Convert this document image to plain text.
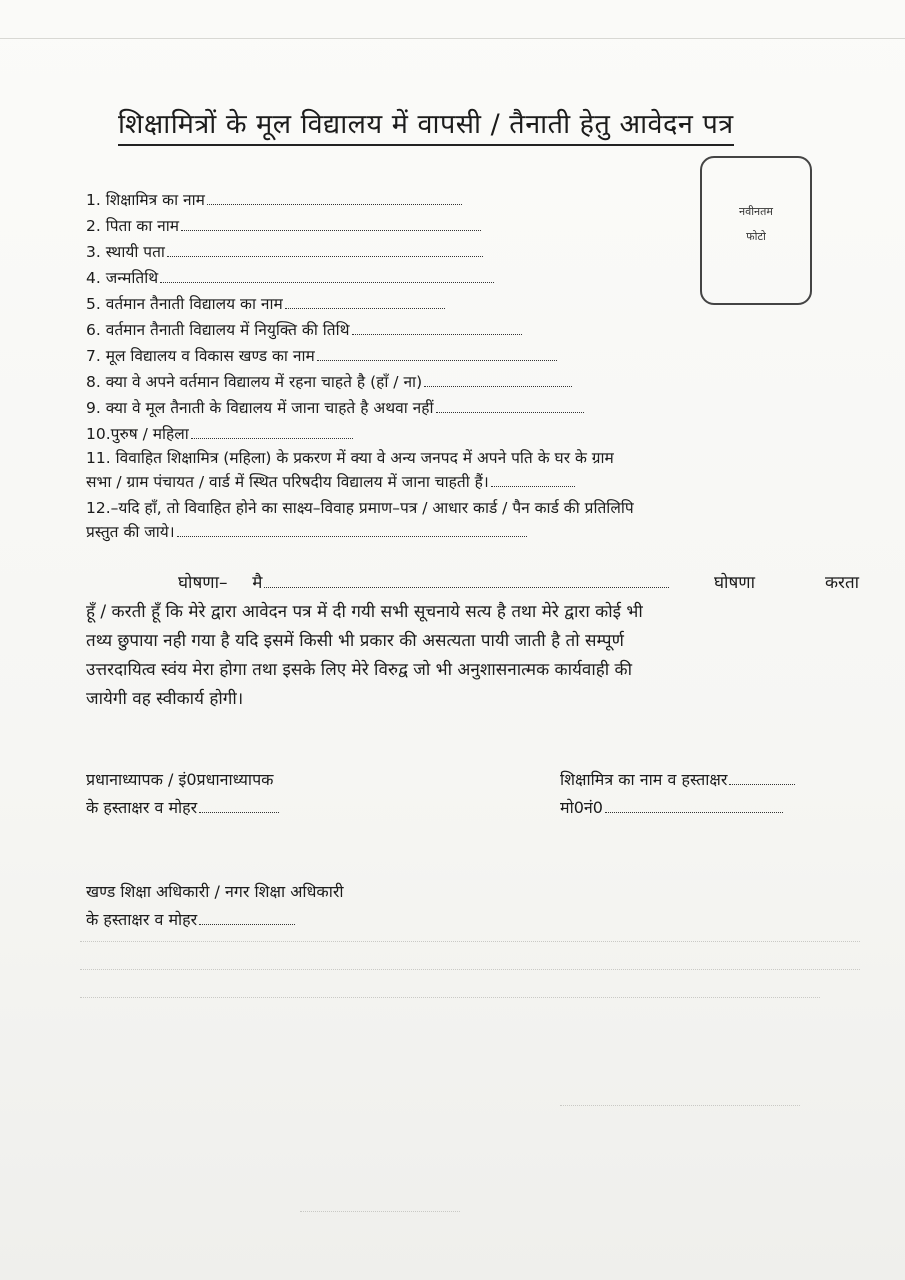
शिक्षामित्रों के मूल विद्यालय में वापसी / तैनाती हेतु आवेदन पत्र
नवीनतम
फोटो
1. शिक्षामित्र का नाम
2. पिता का नाम
3. स्थायी पता
4. जन्मतिथि
5. वर्तमान तैनाती विद्यालय का नाम
6. वर्तमान तैनाती विद्यालय में नियुक्ति की तिथि
7. मूल विद्यालय व विकास खण्ड का नाम
8. क्या वे अपने वर्तमान विद्यालय में रहना चाहते है (हाँ / ना)
9. क्या वे मूल तैनाती के विद्यालय में जाना चाहते है अथवा नहीं
10.पुरुष / महिला
11. विवाहित शिक्षामित्र (महिला) के प्रकरण में क्या वे अन्य जनपद में अपने पति के घर के ग्राम
सभा / ग्राम पंचायत / वार्ड में स्थित परिषदीय विद्यालय में जाना चाहती हैं।
12.–यदि हाँ, तो विवाहित होने का साक्ष्य–विवाह प्रमाण–पत्र / आधार कार्ड / पैन कार्ड की प्रतिलिपि
प्रस्तुत की जाये।
घोषणा– मै	घोषणा	करता
हूँ / करती हूँ कि मेरे द्वारा आवेदन पत्र में दी गयी सभी सूचनाये सत्य है तथा मेरे द्वारा कोई भी
तथ्य छुपाया नही गया है यदि इसमें किसी भी प्रकार की असत्यता पायी जाती है तो सम्पूर्ण
उत्तरदायित्व स्वंय मेरा होगा तथा इसके लिए मेरे विरुद्व जो भी अनुशासनात्मक कार्यवाही की
जायेगी वह स्वीकार्य होगी।
प्रधानाध्यापक / इं0प्रधानाध्यापक
के हस्ताक्षर व मोहर
शिक्षामित्र का नाम व हस्ताक्षर
मो0नं0
खण्ड शिक्षा अधिकारी / नगर शिक्षा अधिकारी
के हस्ताक्षर व मोहर
